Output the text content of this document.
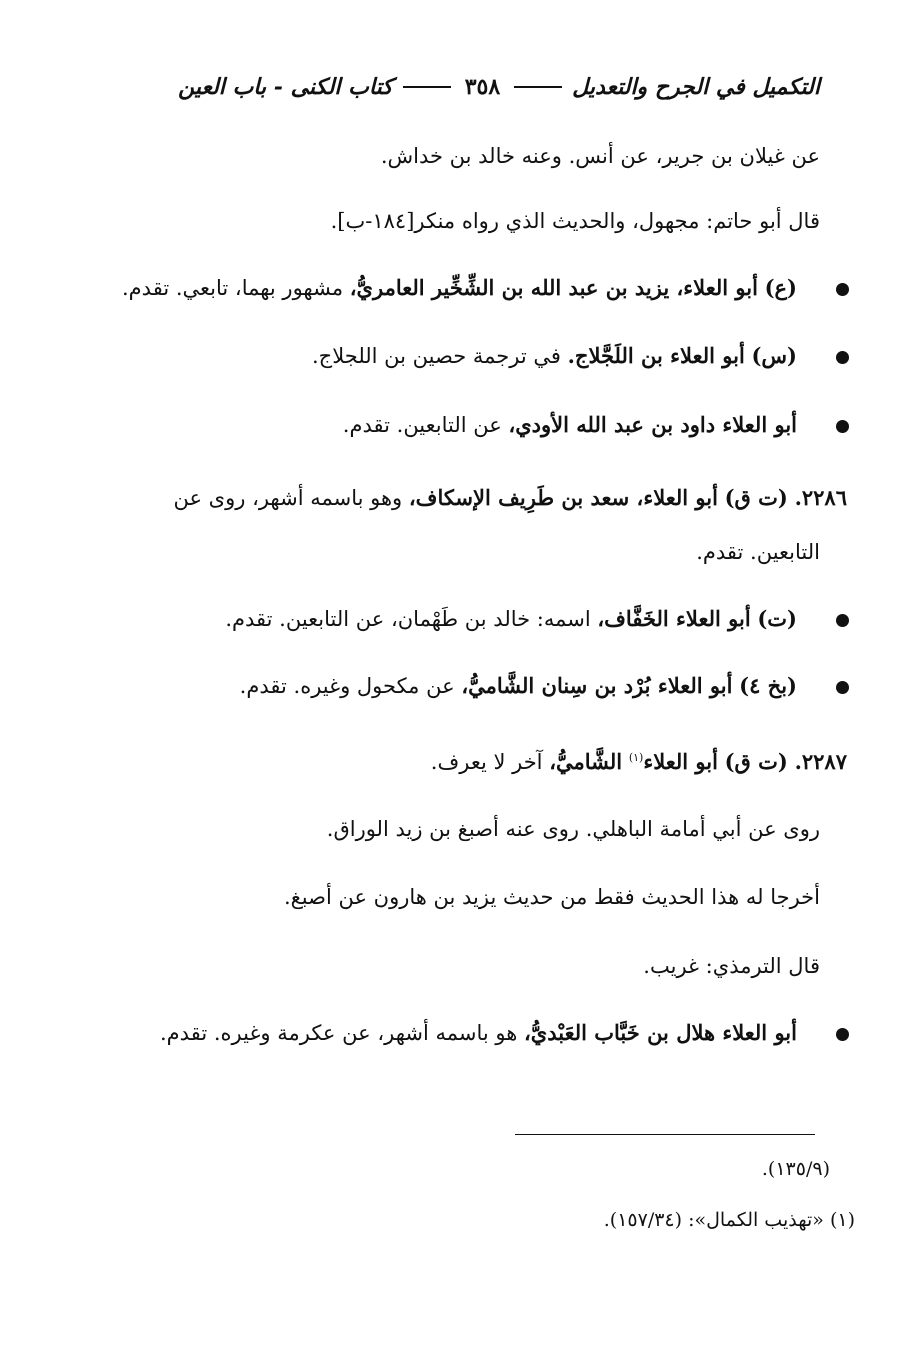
التكميل في الجرح والتعديل
٣٥٨
كتاب الكنى - باب العين
عن غيلان بن جرير، عن أنس. وعنه خالد بن خداش.
قال أبو حاتم: مجهول، والحديث الذي رواه منكر[١٨٤-ب].
(ع) أبو العلاء، يزيد بن عبد الله بن الشِّخِّير العامريُّ، مشهور بهما، تابعي. تقدم.
(س) أبو العلاء بن اللَجَّلاج. في ترجمة حصين بن اللجلاج.
أبو العلاء داود بن عبد الله الأودي، عن التابعين. تقدم.
٢٢٨٦. (ت ق) أبو العلاء، سعد بن طَرِيف الإسكاف، وهو باسمه أشهر، روى عن
التابعين. تقدم.
(ت) أبو العلاء الخَفَّاف، اسمه: خالد بن طَهْمان، عن التابعين. تقدم.
(بخ ٤) أبو العلاء بُرْد بن سِنان الشَّاميُّ، عن مكحول وغيره. تقدم.
٢٢٨٧. (ت ق) أبو العلاء$^{(١)}$ الشَّاميُّ، آخر لا يعرف.
روى عن أبي أمامة الباهلي. روى عنه أصبغ بن زيد الوراق.
أخرجا له هذا الحديث فقط من حديث يزيد بن هارون عن أصبغ.
قال الترمذي: غريب.
أبو العلاء هلال بن خَبَّاب العَبْديُّ، هو باسمه أشهر، عن عكرمة وغيره. تقدم.
(١٣٥/٩).
(١) «تهذيب الكمال»: (١٥٧/٣٤).
